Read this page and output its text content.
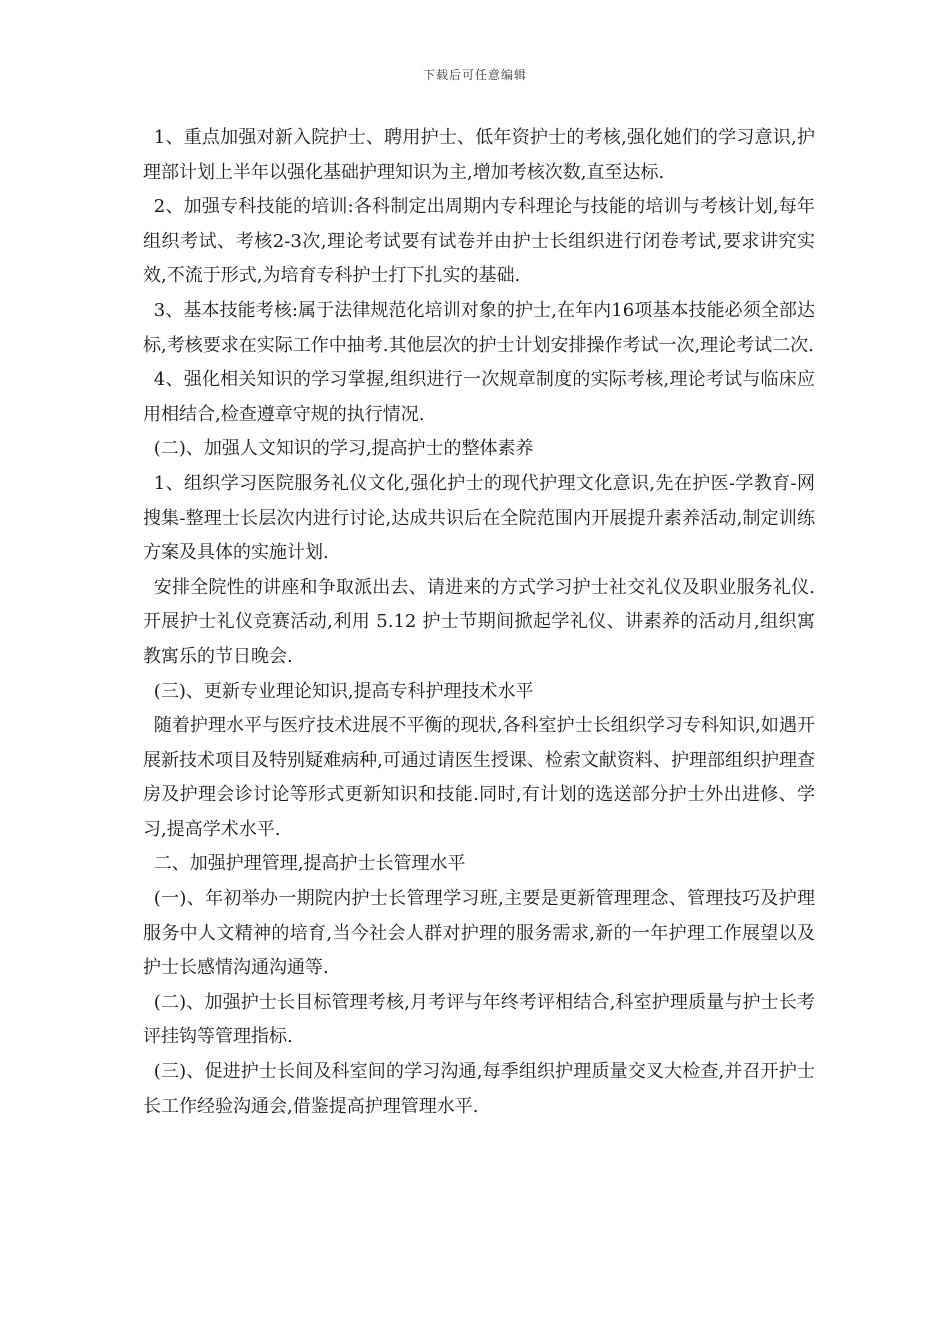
下载后可任意编辑

1、重点加强对新入院护士、聘用护士、低年资护士的考核,强化她们的学习意识,护理部计划上半年以强化基础护理知识为主,增加考核次数,直至达标.

2、加强专科技能的培训:各科制定出周期内专科理论与技能的培训与考核计划,每年组织考试、考核2-3次,理论考试要有试卷并由护士长组织进行闭卷考试,要求讲究实效,不流于形式,为培育专科护士打下扎实的基础.

3、基本技能考核:属于法律规范化培训对象的护士,在年内16项基本技能必须全部达标,考核要求在实际工作中抽考.其他层次的护士计划安排操作考试一次,理论考试二次.

4、强化相关知识的学习掌握,组织进行一次规章制度的实际考核,理论考试与临床应用相结合,检查遵章守规的执行情况.

(二)、加强人文知识的学习,提高护士的整体素养

1、组织学习医院服务礼仪文化,强化护士的现代护理文化意识,先在护医-学教育-网搜集-整理士长层次内进行讨论,达成共识后在全院范围内开展提升素养活动,制定训练方案及具体的实施计划.

安排全院性的讲座和争取派出去、请进来的方式学习护士社交礼仪及职业服务礼仪.开展护士礼仪竞赛活动,利用 5.12 护士节期间掀起学礼仪、讲素养的活动月,组织寓教寓乐的节日晚会.

(三)、更新专业理论知识,提高专科护理技术水平

随着护理水平与医疗技术进展不平衡的现状,各科室护士长组织学习专科知识,如遇开展新技术项目及特别疑难病种,可通过请医生授课、检索文献资料、护理部组织护理查房及护理会诊讨论等形式更新知识和技能.同时,有计划的选送部分护士外出进修、学习,提高学术水平.

二、加强护理管理,提高护士长管理水平

(一)、年初举办一期院内护士长管理学习班,主要是更新管理理念、管理技巧及护理服务中人文精神的培育,当今社会人群对护理的服务需求,新的一年护理工作展望以及护士长感情沟通沟通等.

(二)、加强护士长目标管理考核,月考评与年终考评相结合,科室护理质量与护士长考评挂钩等管理指标.

(三)、促进护士长间及科室间的学习沟通,每季组织护理质量交叉大检查,并召开护士长工作经验沟通会,借鉴提高护理管理水平.
